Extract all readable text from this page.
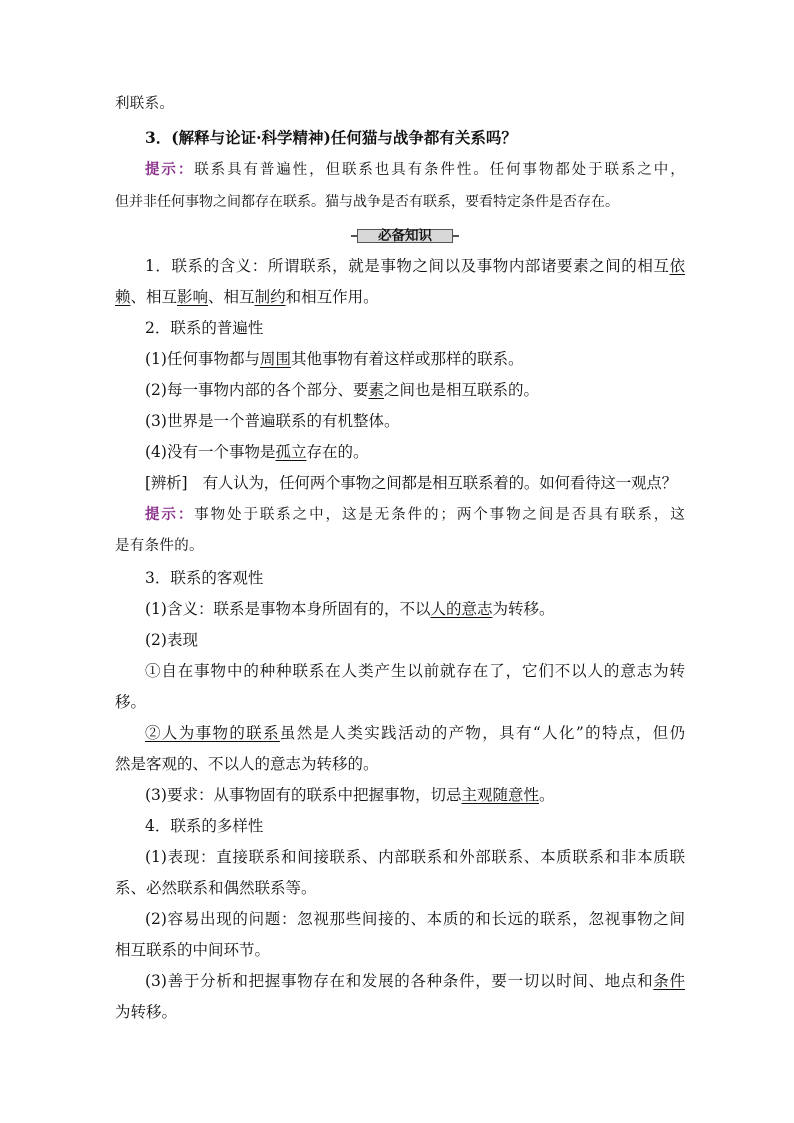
利联系。
3．(解释与论证·科学精神)任何猫与战争都有关系吗？
提示：联系具有普遍性，但联系也具有条件性。任何事物都处于联系之中，
但并非任何事物之间都存在联系。猫与战争是否有联系，要看特定条件是否存在。
必备知识
1．联系的含义：所谓联系，就是事物之间以及事物内部诸要素之间的相互依
赖、相互影响、相互制约和相互作用。
2．联系的普遍性
(1)任何事物都与周围其他事物有着这样或那样的联系。
(2)每一事物内部的各个部分、要素之间也是相互联系的。
(3)世界是一个普遍联系的有机整体。
(4)没有一个事物是孤立存在的。
[辨析]　有人认为，任何两个事物之间都是相互联系着的。如何看待这一观点？
提示：事物处于联系之中，这是无条件的；两个事物之间是否具有联系，这
是有条件的。
3．联系的客观性
(1)含义：联系是事物本身所固有的，不以人的意志为转移。
(2)表现
①自在事物中的种种联系在人类产生以前就存在了，它们不以人的意志为转
移。
②人为事物的联系虽然是人类实践活动的产物，具有“人化”的特点，但仍
然是客观的、不以人的意志为转移的。
(3)要求：从事物固有的联系中把握事物，切忌主观随意性。
4．联系的多样性
(1)表现：直接联系和间接联系、内部联系和外部联系、本质联系和非本质联
系、必然联系和偶然联系等。
(2)容易出现的问题：忽视那些间接的、本质的和长远的联系，忽视事物之间
相互联系的中间环节。
(3)善于分析和把握事物存在和发展的各种条件，要一切以时间、地点和条件
为转移。
